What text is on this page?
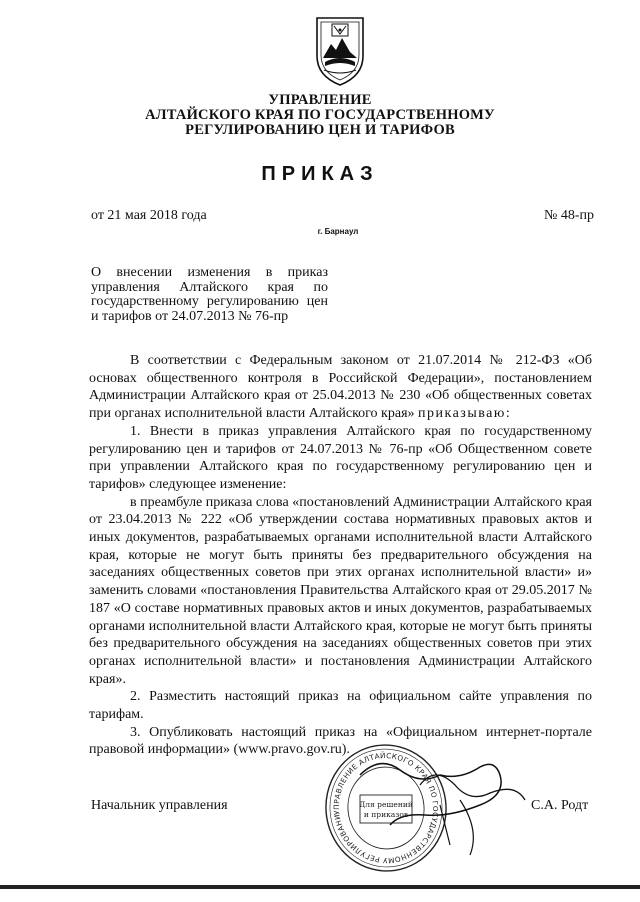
УПРАВЛЕНИЕ
АЛТАЙСКОГО КРАЯ ПО ГОСУДАРСТВЕННОМУ
РЕГУЛИРОВАНИЮ ЦЕН И ТАРИФОВ
ПРИКАЗ
от 21 мая 2018 года	№ 48-пр
г. Барнаул
О внесении изменения в приказ управления Алтайского края по государственному регулированию цен и тарифов от 24.07.2013 № 76-пр

В соответствии с Федеральным законом от 21.07.2014 № 212-ФЗ «Об основах общественного контроля в Российской Федерации», постановлением Администрации Алтайского края от 25.04.2013 № 230 «Об общественных советах при органах исполнительной власти Алтайского края» приказываю:

1. Внести в приказ управления Алтайского края по государственному регулированию цен и тарифов от 24.07.2013 № 76-пр «Об Общественном совете при управлении Алтайского края по государственному регулированию цен и тарифов» следующее изменение:

в преамбуле приказа слова «постановлений Администрации Алтайского края от 23.04.2013 № 222 «Об утверждении состава нормативных правовых актов и иных документов, разрабатываемых органами исполнительной власти Алтайского края, которые не могут быть приняты без предварительного обсуждения на заседаниях общественных советов при этих органах исполнительной власти» и» заменить словами «постановления Правительства Алтайского края от 29.05.2017 № 187 «О составе нормативных правовых актов и иных документов, разрабатываемых органами исполнительной власти Алтайского края, которые не могут быть приняты без предварительного обсуждения на заседаниях общественных советов при этих органах исполнительной власти» и постановления Администрации Алтайского края».

2. Разместить настоящий приказ на официальном сайте управления по тарифам.

3. Опубликовать настоящий приказ на «Официальном интернет-портале правовой информации» (www.pravo.gov.ru).

Начальник управления	С.А. Родт
УПРАВЛЕНИЕ АЛТАЙСКОГО КРАЯ ПО ГОСУДАРСТВЕННОМУ РЕГУЛИРОВАНИЮ
Для решений
и приказов
